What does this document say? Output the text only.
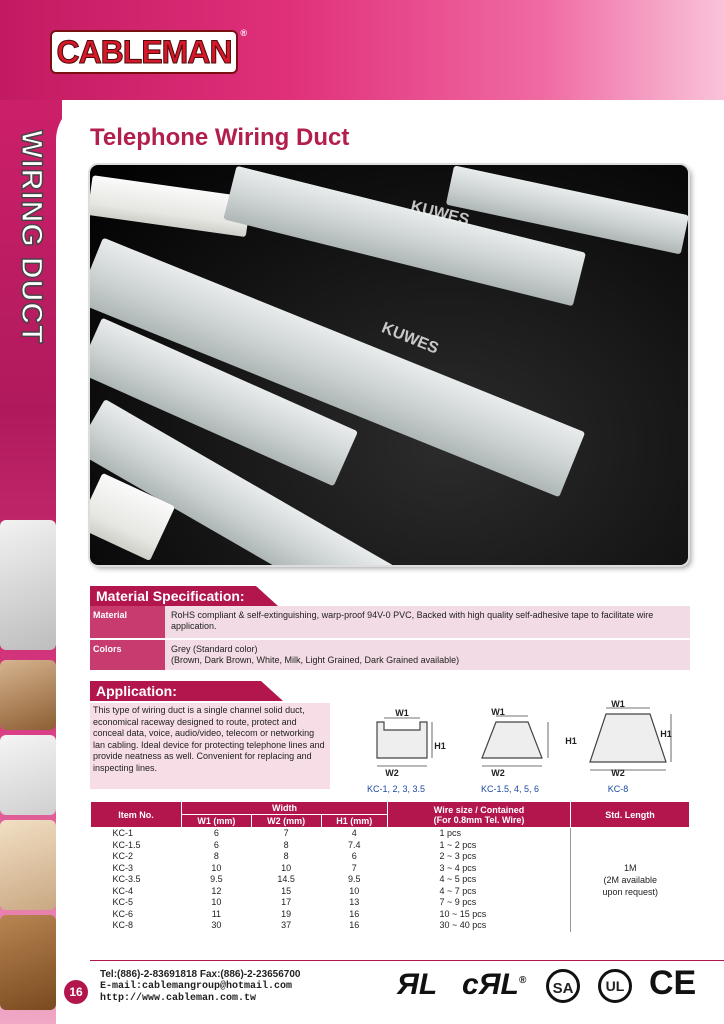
CABLEMAN
®
WIRING DUCT Telephone Wiring Duct
KUWES
KUWES
Material Specification:
Material	RoHS compliant & self-extinguishing, warp-proof 94V-0 PVC, Backed with high quality self-adhesive tape to facilitate wire application.
Colors	Grey (Standard color)
(Brown, Dark Brown, White, Milk, Light Grained, Dark Grained available)
Application:
This type of wiring duct is a single channel solid duct, economical raceway designed to route, protect and conceal data, voice, audio/video, telecom or networking lan cabling. Ideal device for protecting telephone lines and provide neatness as well. Convenient for replacing and inspecting lines.
W1
H1
W2
KC-1, 2, 3, 3.5
W1
H1
W2
KC-1.5, 4, 5, 6
W1
H1
W2
KC-8
Item No.	Width			Wire size / Contained
(For 0.8mm Tel. Wire)	Std. Length
	W1 (mm)	W2 (mm)	H1 (mm)		
KC-1	6	7	4	1 pcs	1M
(2M available
upon request)

KC-1.5	6	8	7.4	1 ~ 2 pcs	
KC-2	8	8	6	2 ~ 3 pcs	
KC-3	10	10	7	3 ~ 4 pcs	
KC-3.5	9.5	14.5	9.5	4 ~ 5 pcs	
KC-4	12	15	10	4 ~ 7 pcs	
KC-5	10	17	13	7 ~ 9 pcs	
KC-6	11	19	16	10 ~ 15 pcs	
KC-8	30	37	16	30 ~ 40 pcs	
16
Tel:(886)-2-83691818 Fax:(886)-2-23656700
E-mail:cablemangroup@hotmail.com
http://www.cableman.com.tw	ЯL cЯL®	SA	UL CE
